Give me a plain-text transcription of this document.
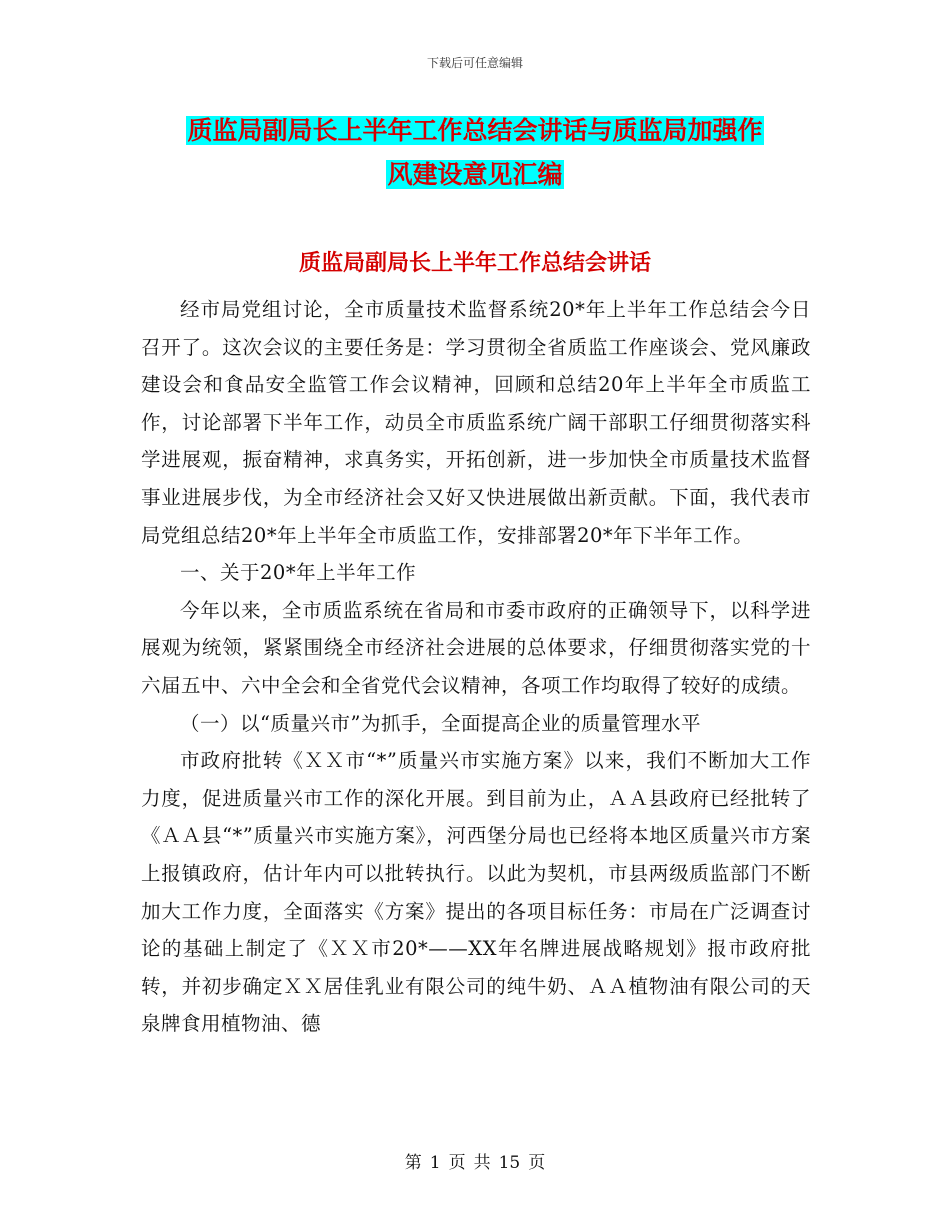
下载后可任意编辑
质监局副局长上半年工作总结会讲话与质监局加强作
风建设意见汇编
质监局副局长上半年工作总结会讲话

经市局党组讨论，全市质量技术监督系统20*年上半年工作总结会今日召开了。这次会议的主要任务是：学习贯彻全省质监工作座谈会、党风廉政建设会和食品安全监管工作会议精神，回顾和总结20年上半年全市质监工作，讨论部署下半年工作，动员全市质监系统广阔干部职工仔细贯彻落实科学进展观，振奋精神，求真务实，开拓创新，进一步加快全市质量技术监督事业进展步伐，为全市经济社会又好又快进展做出新贡献。下面，我代表市局党组总结20*年上半年全市质监工作，安排部署20*年下半年工作。

一、关于20*年上半年工作

今年以来，全市质监系统在省局和市委市政府的正确领导下，以科学进展观为统领，紧紧围绕全市经济社会进展的总体要求，仔细贯彻落实党的十六届五中、六中全会和全省党代会议精神，各项工作均取得了较好的成绩。

（一）以“质量兴市”为抓手，全面提高企业的质量管理水平

市政府批转《ＸＸ市“*”质量兴市实施方案》以来，我们不断加大工作力度，促进质量兴市工作的深化开展。到目前为止，ＡＡ县政府已经批转了《ＡＡ县“*”质量兴市实施方案》，河西堡分局也已经将本地区质量兴市方案上报镇政府，估计年内可以批转执行。以此为契机，市县两级质监部门不断加大工作力度，全面落实《方案》提出的各项目标任务：市局在广泛调查讨论的基础上制定了《ＸＸ市20*——XX年名牌进展战略规划》报市政府批转，并初步确定ＸＸ居佳乳业有限公司的纯牛奶、ＡＡ植物油有限公司的天泉牌食用植物油、德

第 1 页 共 15 页
